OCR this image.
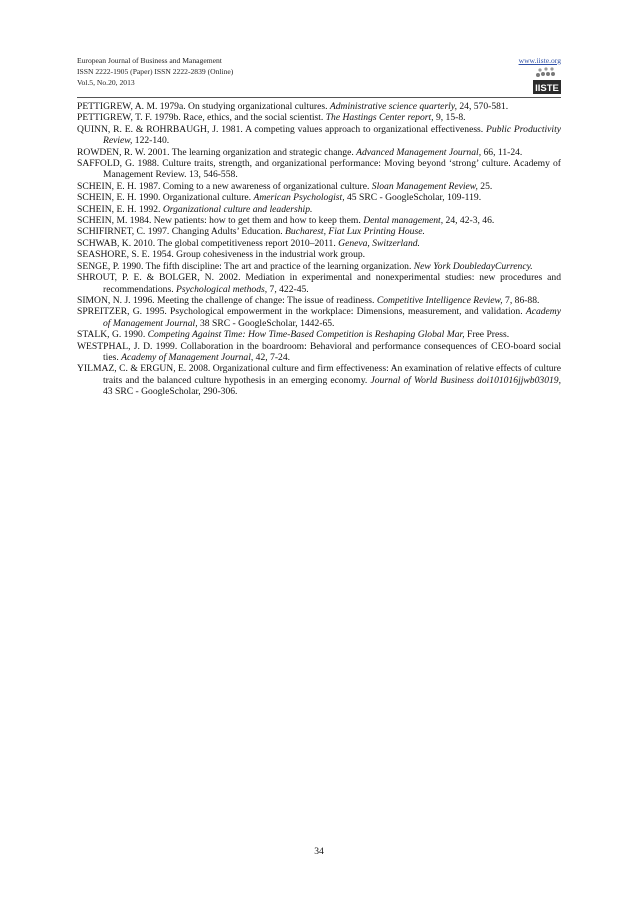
European Journal of Business and Management
ISSN 2222-1905 (Paper) ISSN 2222-2839 (Online)
Vol.5, No.20, 2013
www.iiste.org
IISTE

PETTIGREW, A. M. 1979a. On studying organizational cultures. Administrative science quarterly, 24, 570-581.

PETTIGREW, T. F. 1979b. Race, ethics, and the social scientist. The Hastings Center report, 9, 15-8.

QUINN, R. E. & ROHRBAUGH, J. 1981. A competing values approach to organizational effectiveness. Public Productivity Review, 122-140.

ROWDEN, R. W. 2001. The learning organization and strategic change. Advanced Management Journal, 66, 11-24.

SAFFOLD, G. 1988. Culture traits, strength, and organizational performance: Moving beyond ‘strong’ culture. Academy of Management Review. 13, 546-558.

SCHEIN, E. H. 1987. Coming to a new awareness of organizational culture. Sloan Management Review, 25.

SCHEIN, E. H. 1990. Organizational culture. American Psychologist, 45 SRC - GoogleScholar, 109-119.

SCHEIN, E. H. 1992. Organizational culture and leadership.

SCHEIN, M. 1984. New patients: how to get them and how to keep them. Dental management, 24, 42-3, 46.

SCHIFIRNET, C. 1997. Changing Adults’ Education. Bucharest, Fiat Lux Printing House.

SCHWAB, K. 2010. The global competitiveness report 2010–2011. Geneva, Switzerland.

SEASHORE, S. E. 1954. Group cohesiveness in the industrial work group.

SENGE, P. 1990. The fifth discipline: The art and practice of the learning organization. New York DoubledayCurrency.

SHROUT, P. E. & BOLGER, N. 2002. Mediation in experimental and nonexperimental studies: new procedures and recommendations. Psychological methods, 7, 422-45.

SIMON, N. J. 1996. Meeting the challenge of change: The issue of readiness. Competitive Intelligence Review, 7, 86-88.

SPREITZER, G. 1995. Psychological empowerment in the workplace: Dimensions, measurement, and validation. Academy of Management Journal, 38 SRC - GoogleScholar, 1442-65.

STALK, G. 1990. Competing Against Time: How Time-Based Competition is Reshaping Global Mar, Free Press.

WESTPHAL, J. D. 1999. Collaboration in the boardroom: Behavioral and performance consequences of CEO-board social ties. Academy of Management Journal, 42, 7-24.

YILMAZ, C. & ERGUN, E. 2008. Organizational culture and firm effectiveness: An examination of relative effects of culture traits and the balanced culture hypothesis in an emerging economy. Journal of World Business doi101016jjwb03019, 43 SRC - GoogleScholar, 290-306.

34
